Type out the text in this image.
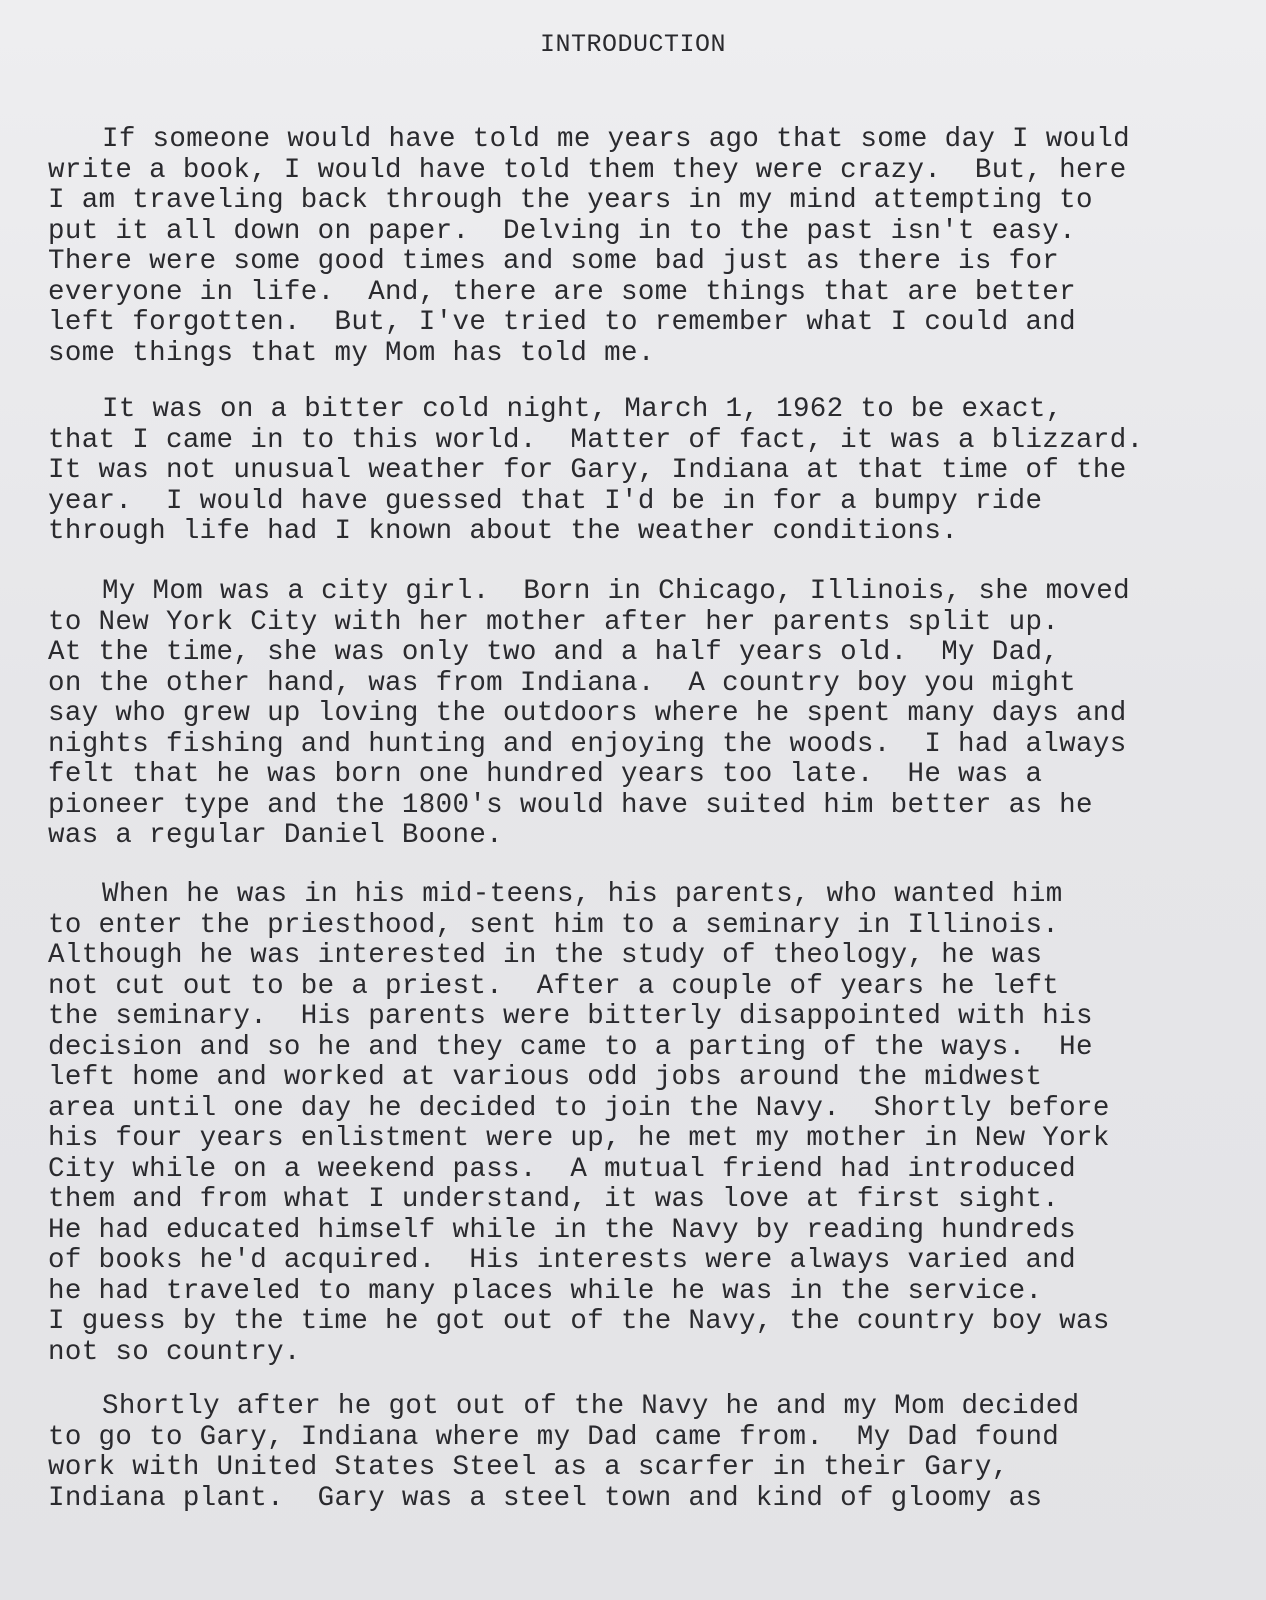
INTRODUCTION
If someone would have told me years ago that some day I would
write a book, I would have told them they were crazy.  But, here
I am traveling back through the years in my mind attempting to
put it all down on paper.  Delving in to the past isn't easy.
There were some good times and some bad just as there is for
everyone in life.  And, there are some things that are better
left forgotten.  But, I've tried to remember what I could and
some things that my Mom has told me.
It was on a bitter cold night, March 1, 1962 to be exact,
that I came in to this world.  Matter of fact, it was a blizzard.
It was not unusual weather for Gary, Indiana at that time of the
year.  I would have guessed that I'd be in for a bumpy ride
through life had I known about the weather conditions.
My Mom was a city girl.  Born in Chicago, Illinois, she moved
to New York City with her mother after her parents split up.
At the time, she was only two and a half years old.  My Dad,
on the other hand, was from Indiana.  A country boy you might
say who grew up loving the outdoors where he spent many days and
nights fishing and hunting and enjoying the woods.  I had always
felt that he was born one hundred years too late.  He was a
pioneer type and the 1800's would have suited him better as he
was a regular Daniel Boone.
When he was in his mid-teens, his parents, who wanted him
to enter the priesthood, sent him to a seminary in Illinois.
Although he was interested in the study of theology, he was
not cut out to be a priest.  After a couple of years he left
the seminary.  His parents were bitterly disappointed with his
decision and so he and they came to a parting of the ways.  He
left home and worked at various odd jobs around the midwest
area until one day he decided to join the Navy.  Shortly before
his four years enlistment were up, he met my mother in New York
City while on a weekend pass.  A mutual friend had introduced
them and from what I understand, it was love at first sight.
He had educated himself while in the Navy by reading hundreds
of books he'd acquired.  His interests were always varied and
he had traveled to many places while he was in the service.
I guess by the time he got out of the Navy, the country boy was
not so country.
Shortly after he got out of the Navy he and my Mom decided
to go to Gary, Indiana where my Dad came from.  My Dad found
work with United States Steel as a scarfer in their Gary,
Indiana plant.  Gary was a steel town and kind of gloomy as
